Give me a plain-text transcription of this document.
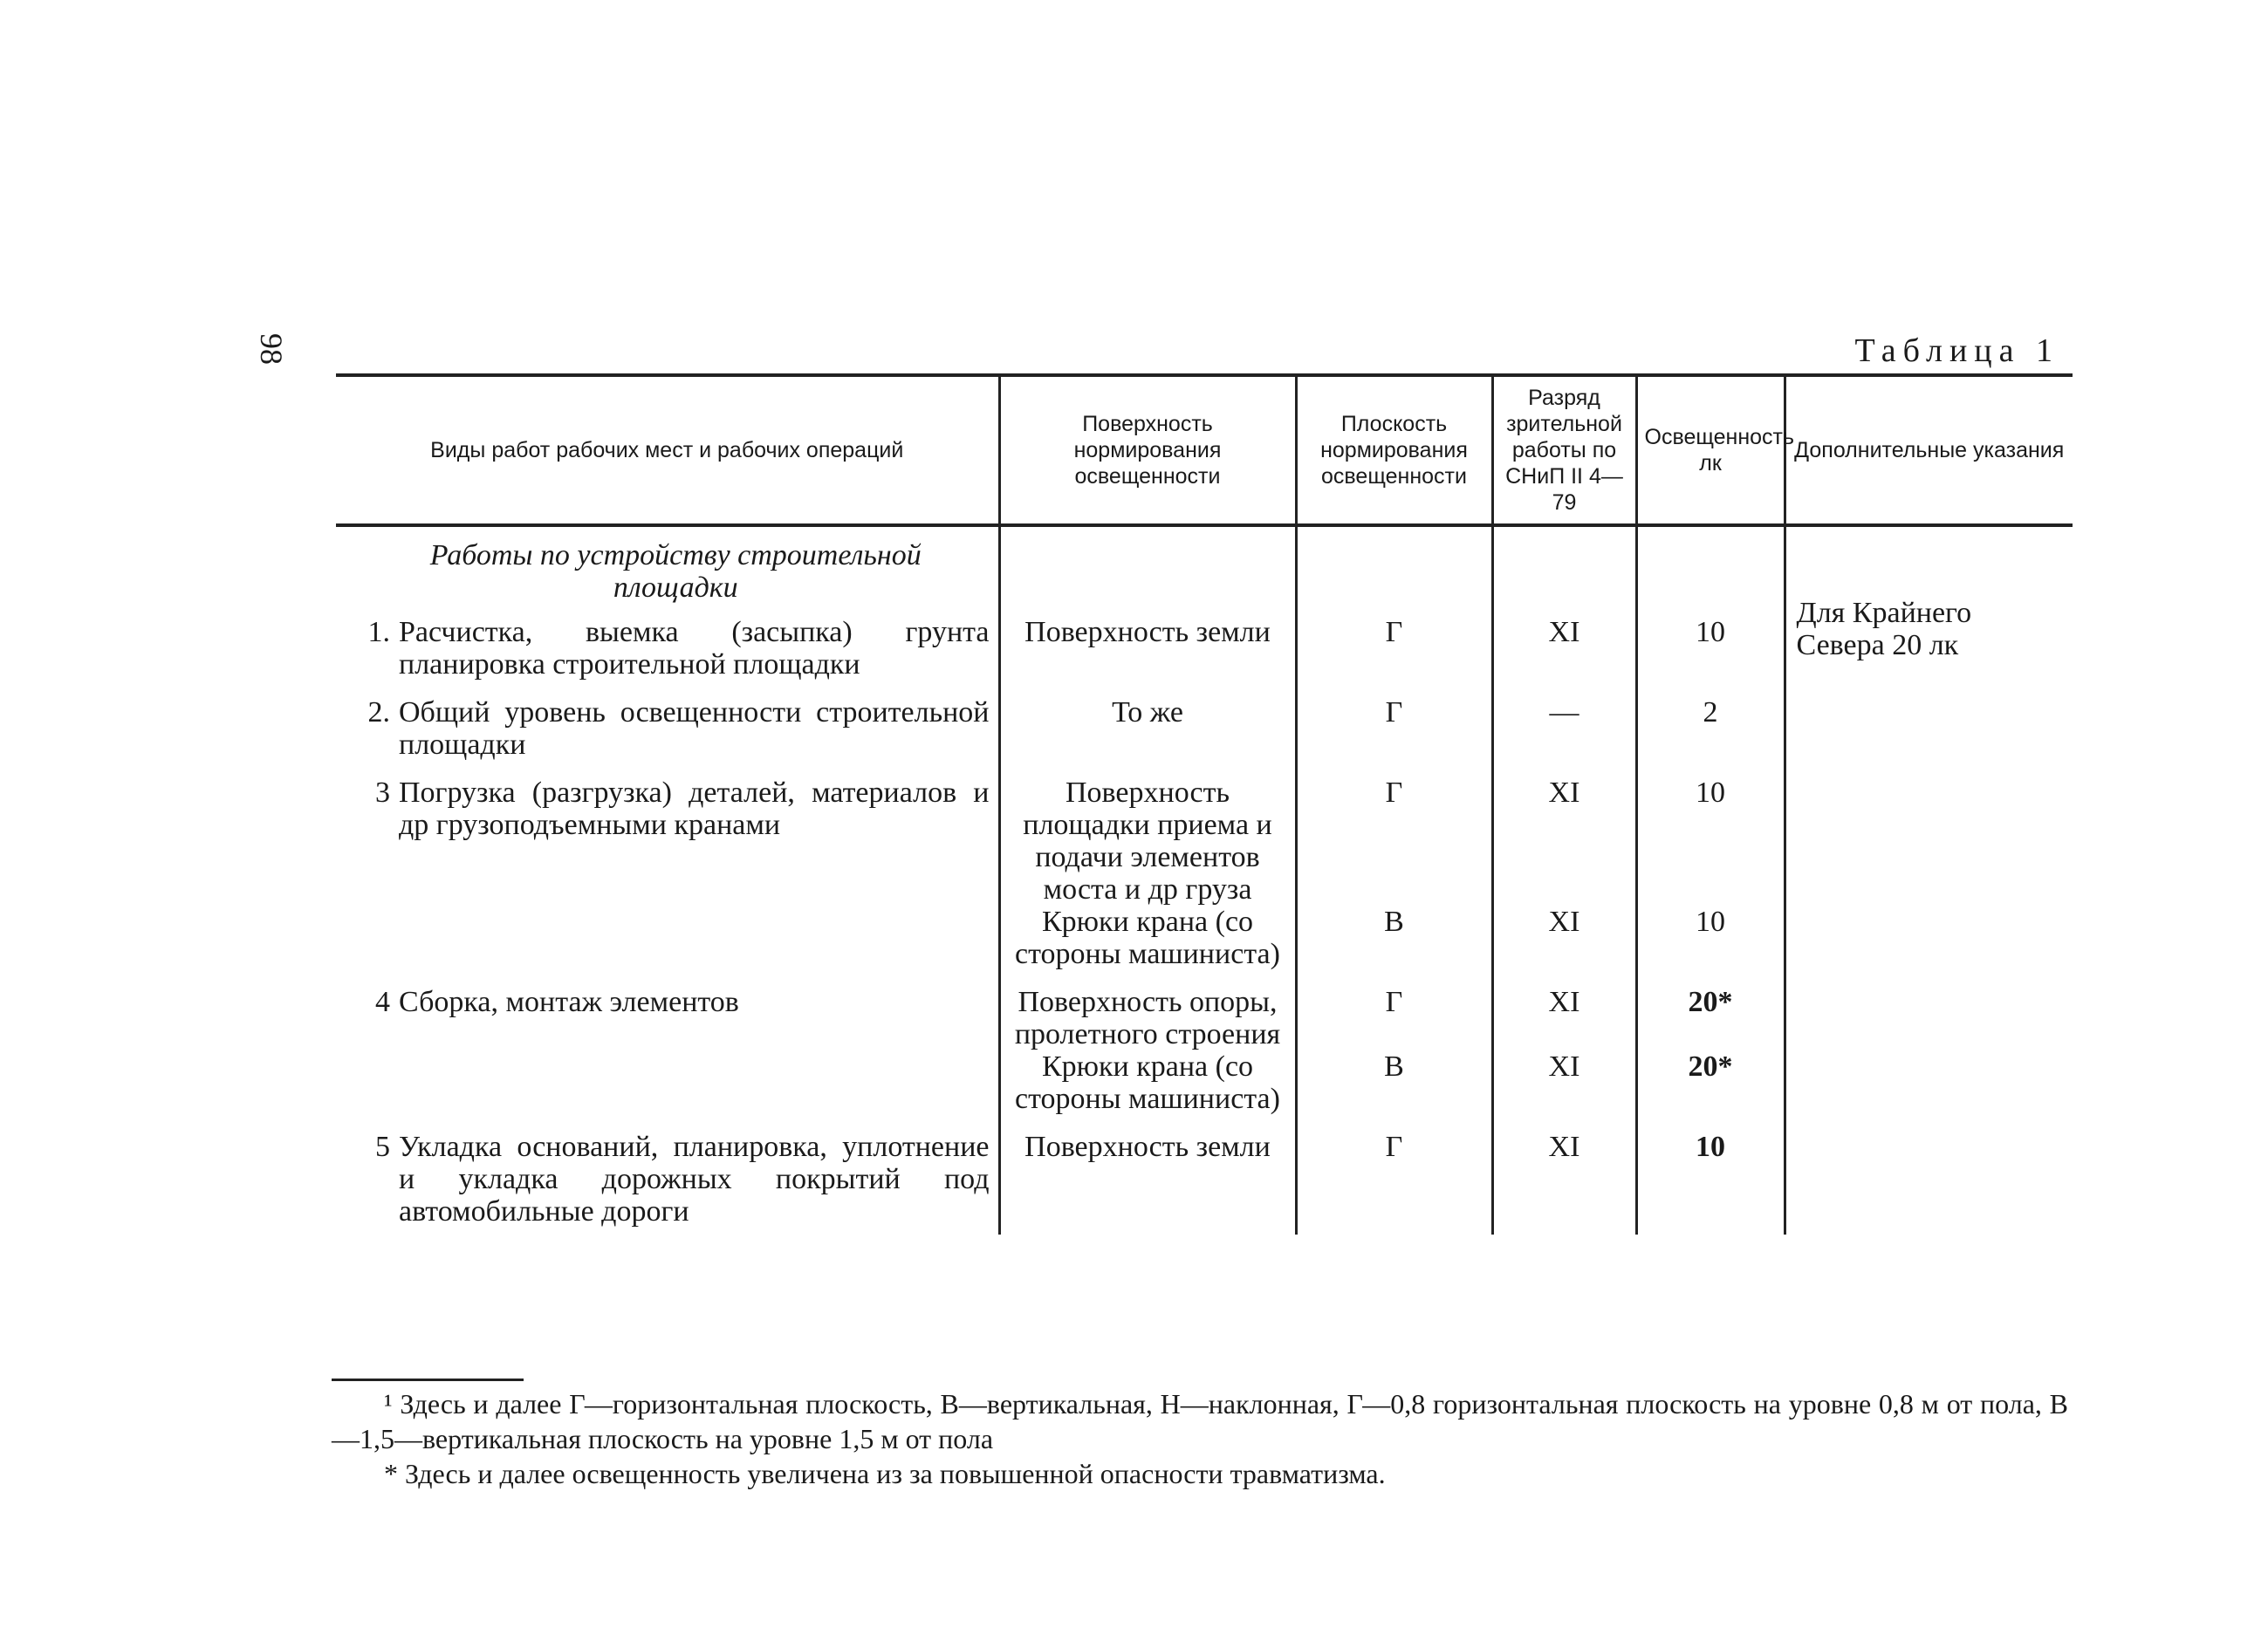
98	Таблица 1
Виды работ рабочих мест и рабочих операций	Поверхность нормирования освещенности	Плоскость нормирования освещенности	Разряд зрительной работы по СНиП II 4—79	Освещенность лк	Дополнительные указания
Работы по устройству строительной площадки					Для Крайнего Севера 20 лк

1. Расчистка, выемка (засыпка) грунта планировка строительной площадки	Поверхность земли	Г	XI	10	

2. Общий уровень освещенности строительной площадки	То же	Г	—	2	

3 Погрузка (разгрузка) деталей, материалов и др грузоподъемными кранами	Поверхность площадки приема и подачи элементов моста и др груза	Г	XI	10	
	Крюки крана (со стороны машиниста)	В	XI	10	

4 Сборка, монтаж элементов	Поверхность опоры, пролетного строения	Г	XI	20*	
	Крюки крана (со стороны машиниста)	В	XI	20*	

5 Укладка оснований, планировка, уплотнение и укладка дорожных покрытий под автомобильные дороги	Поверхность земли	Г	XI	10	
¹ Здесь и далее Г—горизонтальная плоскость, В—вертикальная, Н—наклонная, Г—0,8 горизонтальная плоскость на уровне 0,8 м от пола, В—1,5—вертикальная плоскость на уровне 1,5 м от пола
* Здесь и далее освещенность увеличена из за повышенной опасности травматизма.
